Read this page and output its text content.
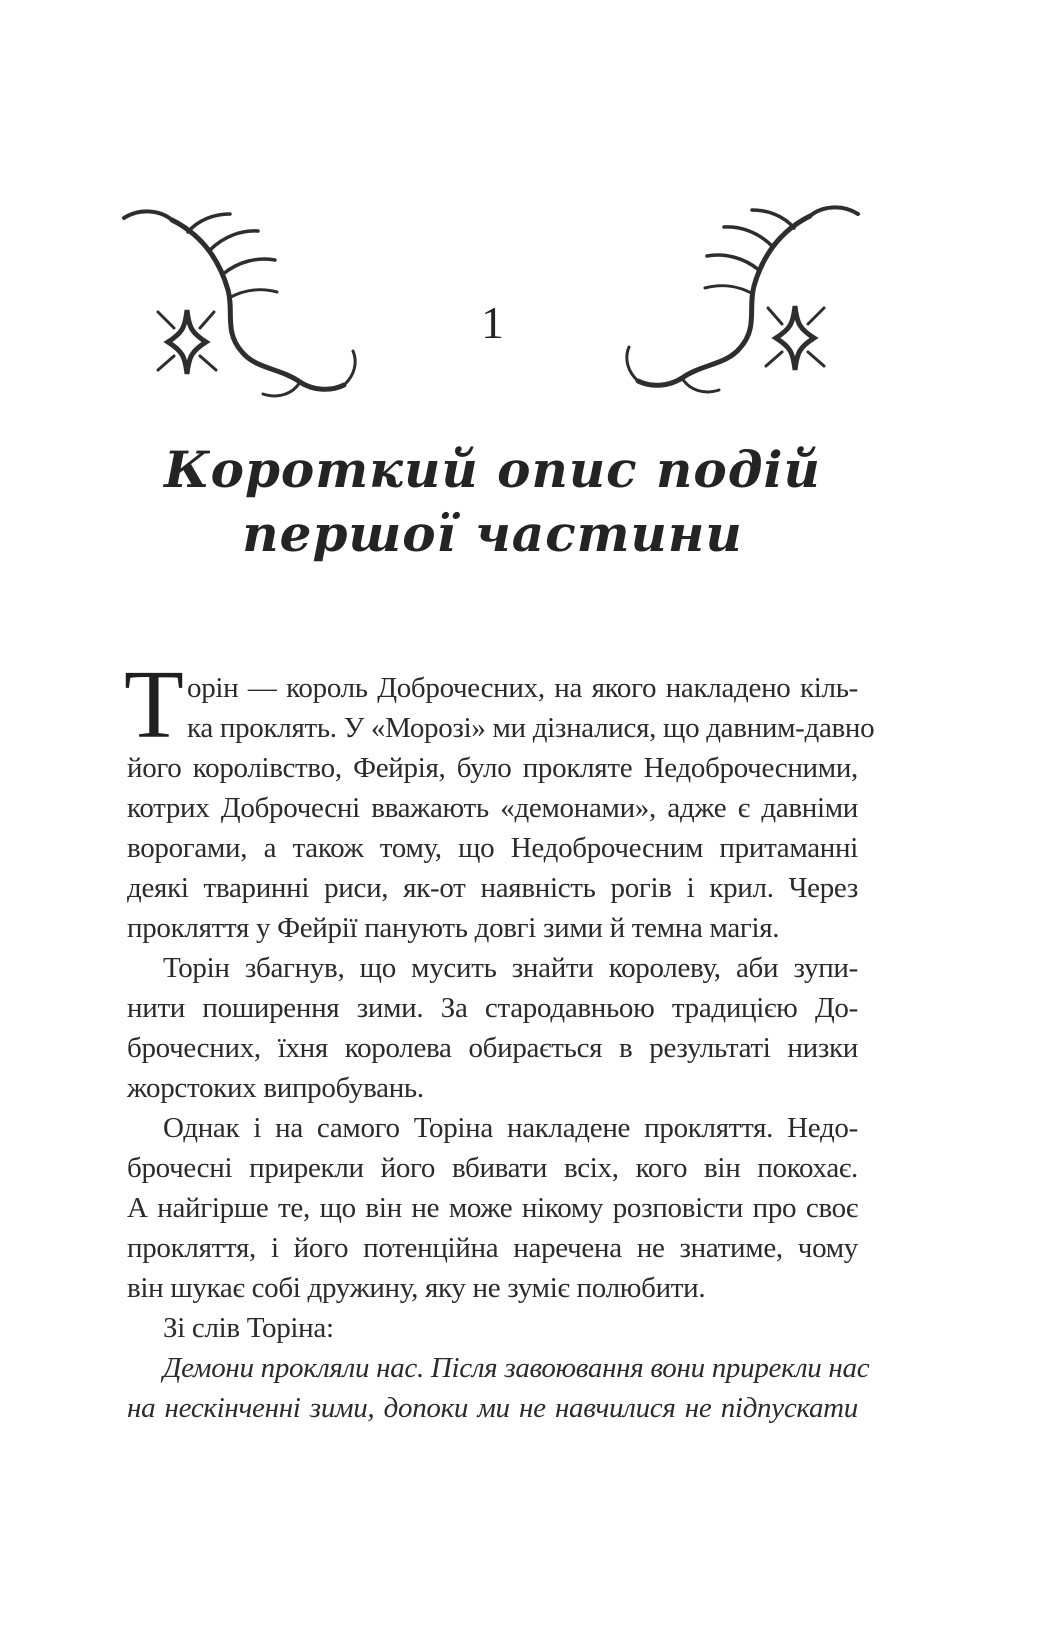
1
Короткий опис подій
першої частини
Т орін — король Доброчесних, на якого накладено кіль-
ка проклять. У «Морозі» ми дізналися, що давним-давно
його королівство, Фейрія, було прокляте Недоброчесними,
котрих Доброчесні вважають «демонами», адже є давніми
ворогами, а також тому, що Недоброчесним притаманні
деякі тваринні риси, як-от наявність рогів і крил. Через
прокляття у Фейрії панують довгі зими й темна магія.
Торін збагнув, що мусить знайти королеву, аби зупи-
нити поширення зими. За стародавньою традицією До-
брочесних, їхня королева обирається в результаті низки
жорстоких випробувань.
Однак і на самого Торіна накладене прокляття. Недо-
брочесні прирекли його вбивати всіх, кого він покохає.
А найгірше те, що він не може нікому розповісти про своє
прокляття, і його потенційна наречена не знатиме, чому
він шукає собі дружину, яку не зуміє полюбити.
Зі слів Торіна:
Демони прокляли нас. Після завоювання вони прирекли нас
на нескінченні зими, допоки ми не навчилися не підпускати
